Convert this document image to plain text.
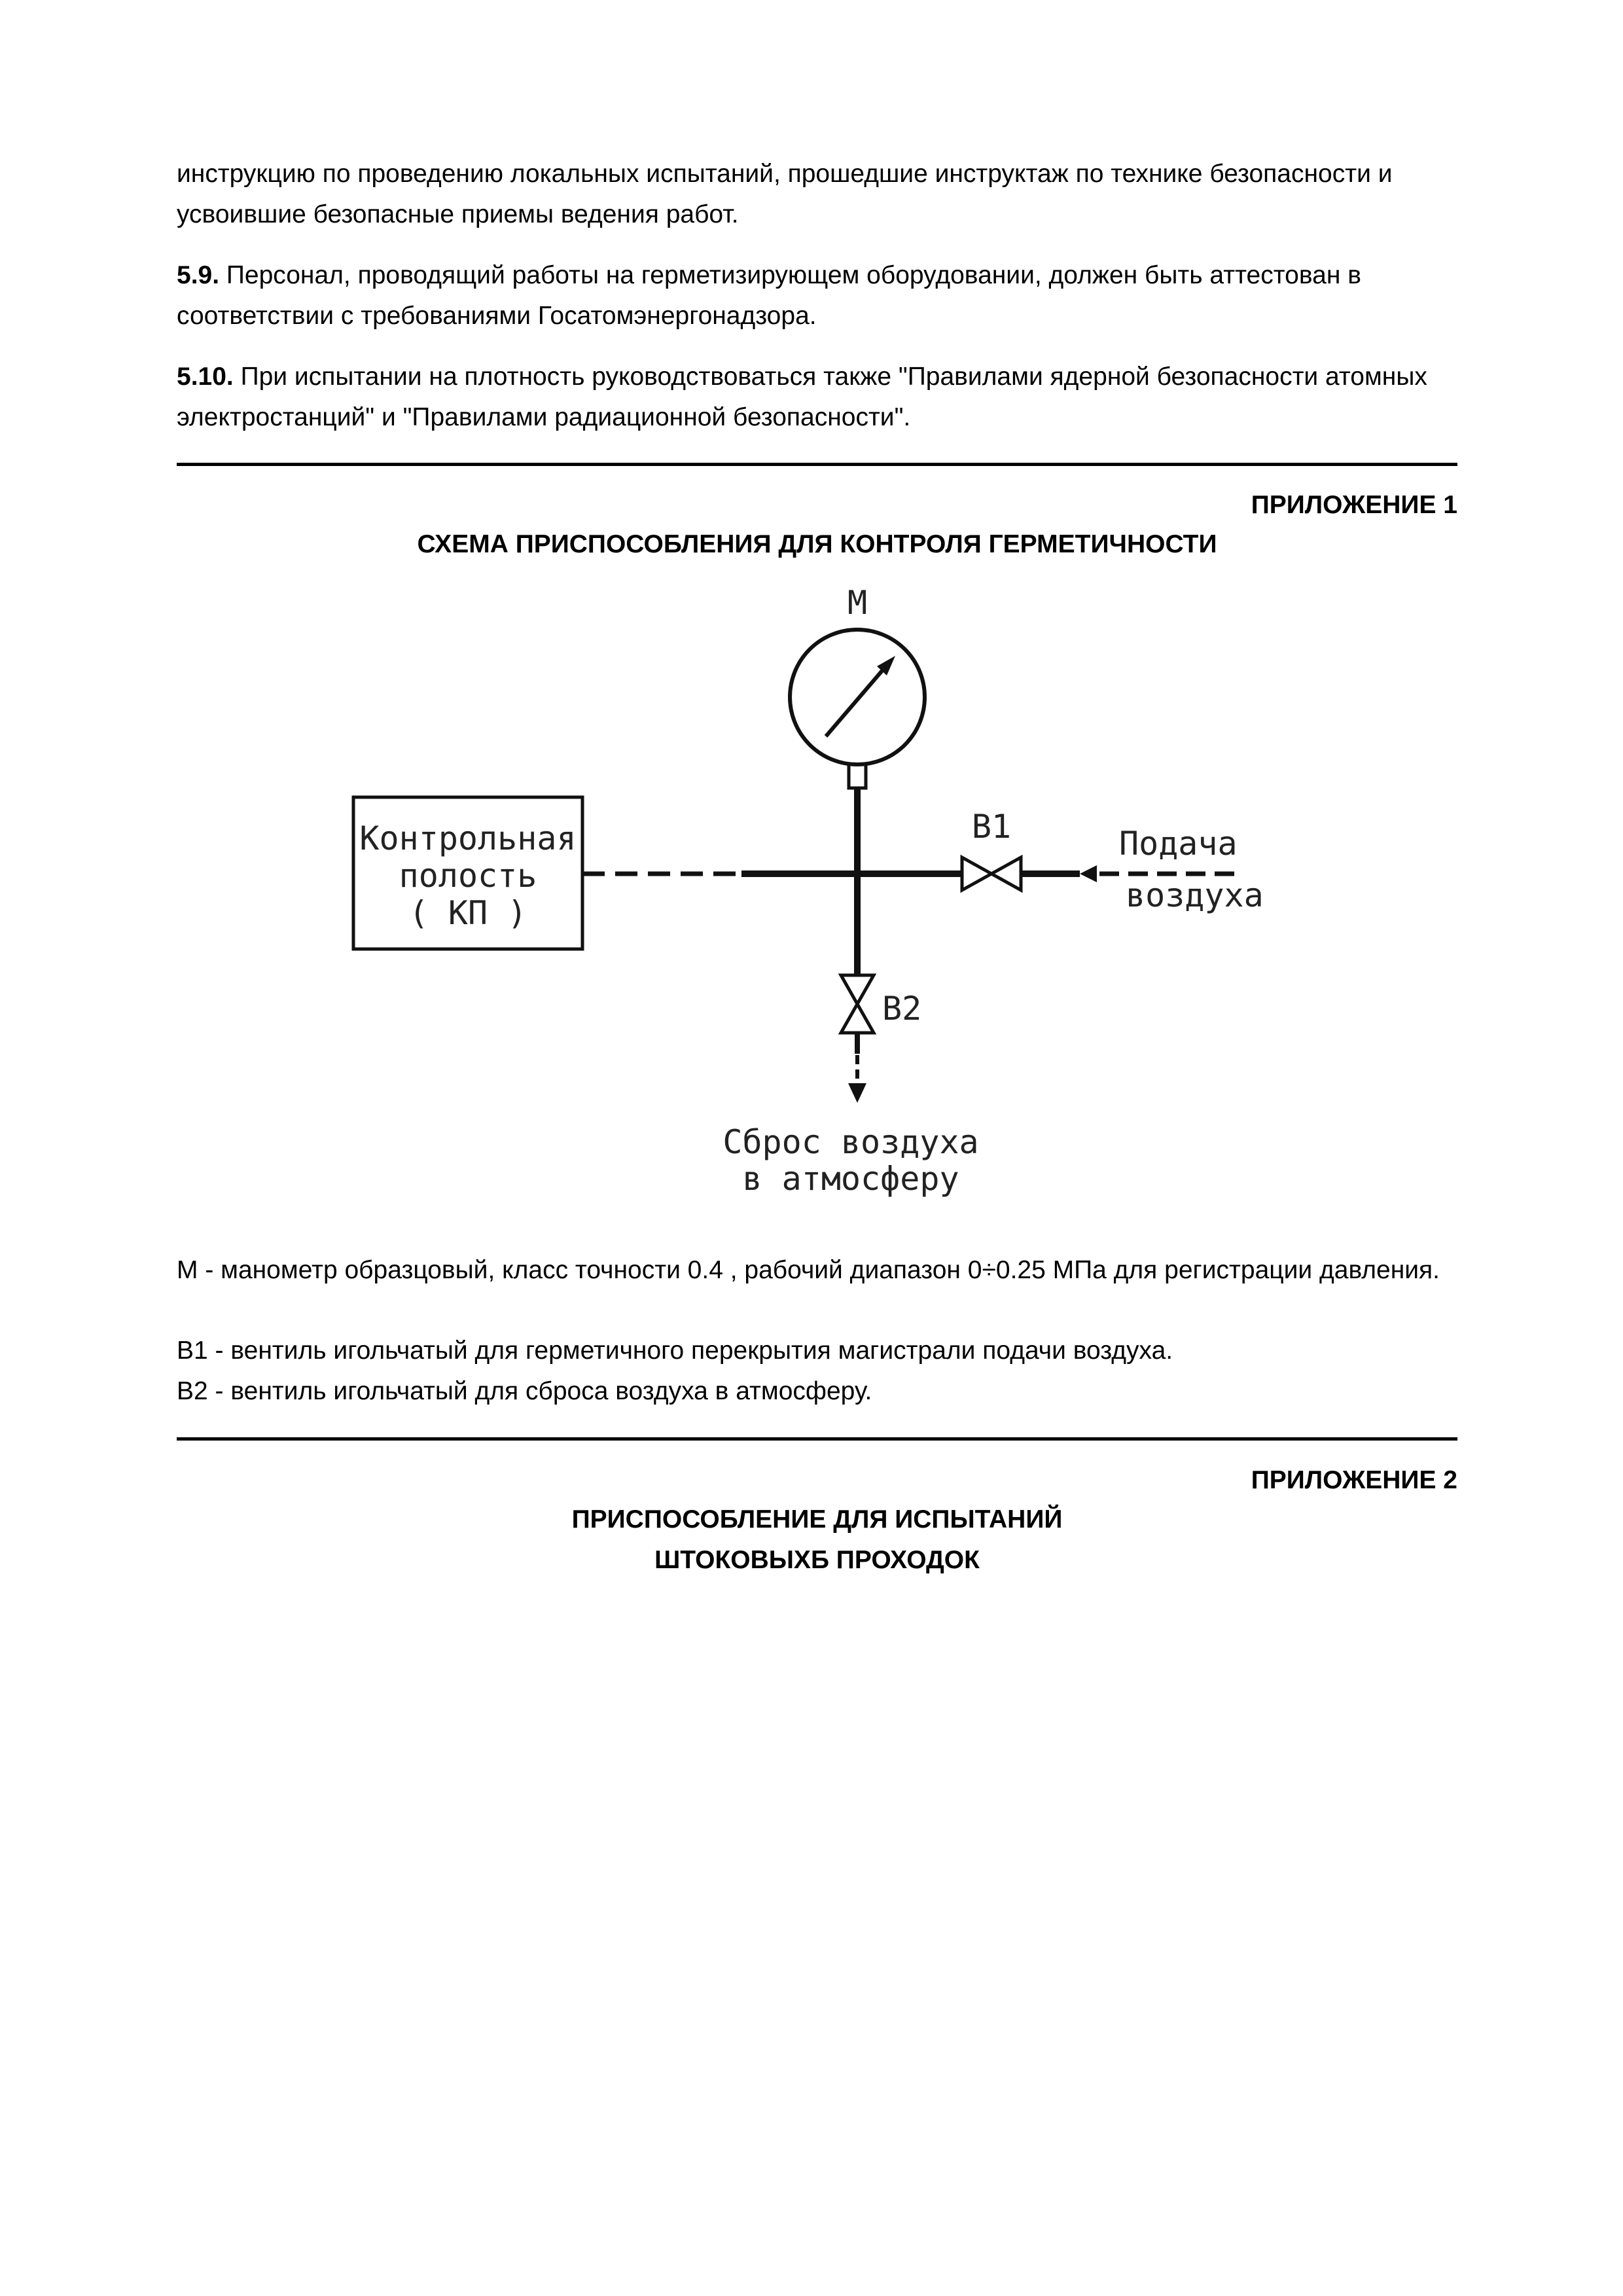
инструкцию по проведению локальных испытаний, прошедшие инструктаж по технике безопасности и усвоившие безопасные приемы ведения работ.

5.9. Персонал, проводящий работы на герметизирующем оборудовании, должен быть аттестован в соответствии с требованиями Госатомэнергонадзора.

5.10. При испытании на плотность руководствоваться также "Правилами ядерной безопасности атомных электростанций" и "Правилами радиационной безопасности".

ПРИЛОЖЕНИЕ 1

СХЕМА ПРИСПОСОБЛЕНИЯ ДЛЯ КОНТРОЛЯ ГЕРМЕТИЧНОСТИ

М
Контрольная
полость
( КП )
В1	Подача
воздуха
В2
Сброс воздуха
в атмосферу

М - манометр образцовый, класс точности 0.4 , рабочий диапазон 0÷0.25 МПа для регистрации давления.

В1 - вентиль игольчатый для герметичного перекрытия магистрали подачи воздуха.

В2 - вентиль игольчатый для сброса воздуха в атмосферу.

ПРИЛОЖЕНИЕ 2

ПРИСПОСОБЛЕНИЕ ДЛЯ ИСПЫТАНИЙ

ШТОКОВЫХБ ПРОХОДОК
